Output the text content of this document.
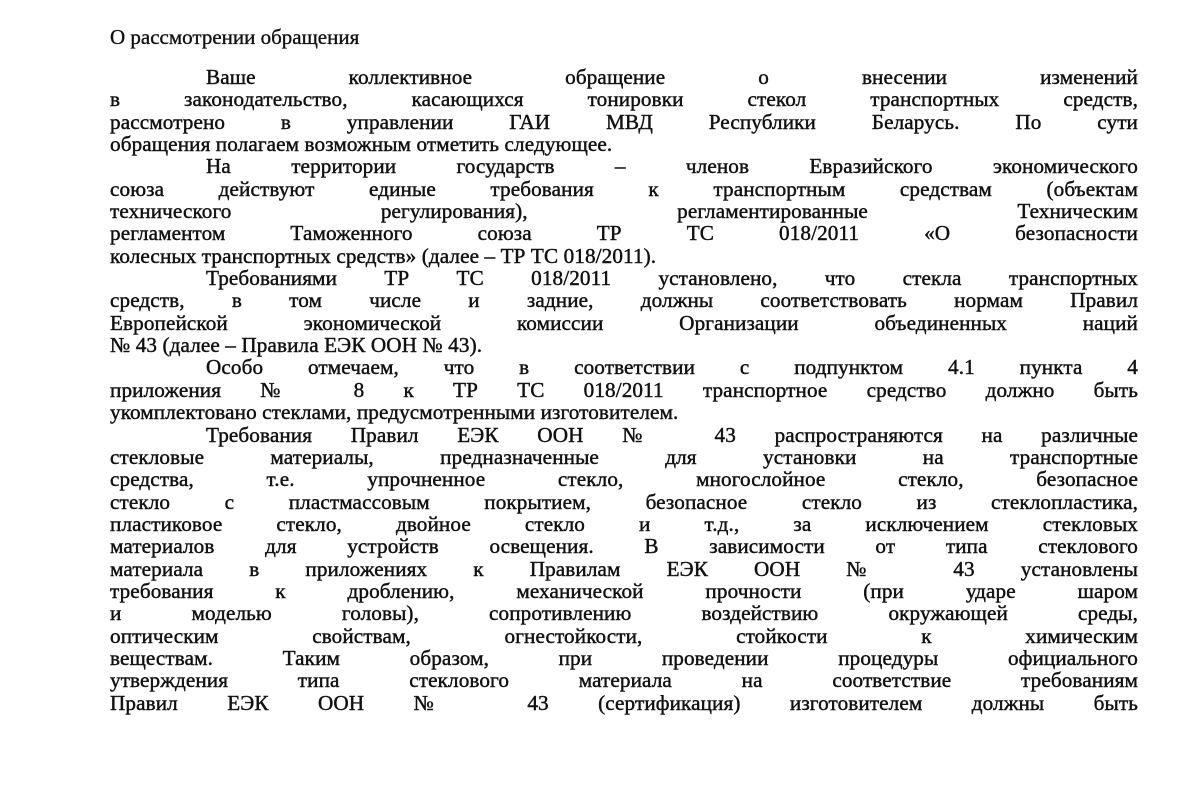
О рассмотрении обращения
Ваше коллективное обращение о внесении изменений
в законодательство, касающихся тонировки стекол транспортных средств,
рассмотрено в управлении ГАИ МВД Республики Беларусь. По сути
обращения полагаем возможным отметить следующее.
На территории государств – членов Евразийского экономического
союза действуют единые требования к транспортным средствам (объектам
технического регулирования), регламентированные Техническим
регламентом Таможенного союза ТР ТС 018/2011 «О безопасности
колесных транспортных средств» (далее – ТР ТС 018/2011).
Требованиями ТР ТС 018/2011 установлено, что стекла транспортных
средств, в том числе и задние, должны соответствовать нормам Правил
Европейской экономической комиссии Организации объединенных наций
№ 43 (далее – Правила ЕЭК ООН № 43).
Особо отмечаем, что в соответствии с подпунктом 4.1 пункта 4
приложения № 8 к ТР ТС 018/2011 транспортное средство должно быть
укомплектовано стеклами, предусмотренными изготовителем.
Требования Правил ЕЭК ООН № 43 распространяются на различные
стекловые материалы, предназначенные для установки на транспортные
средства, т.е. упрочненное стекло, многослойное стекло, безопасное
стекло с пластмассовым покрытием, безопасное стекло из стеклопластика,
пластиковое стекло, двойное стекло и т.д., за исключением стекловых
материалов для устройств освещения. В зависимости от типа стеклового
материала в приложениях к Правилам ЕЭК ООН № 43 установлены
требования к дроблению, механической прочности (при ударе шаром
и моделью головы), сопротивлению воздействию окружающей среды,
оптическим свойствам, огнестойкости, стойкости к химическим
веществам. Таким образом, при проведении процедуры официального
утверждения типа стеклового материала на соответствие требованиям
Правил ЕЭК ООН № 43 (сертификация) изготовителем должны быть
